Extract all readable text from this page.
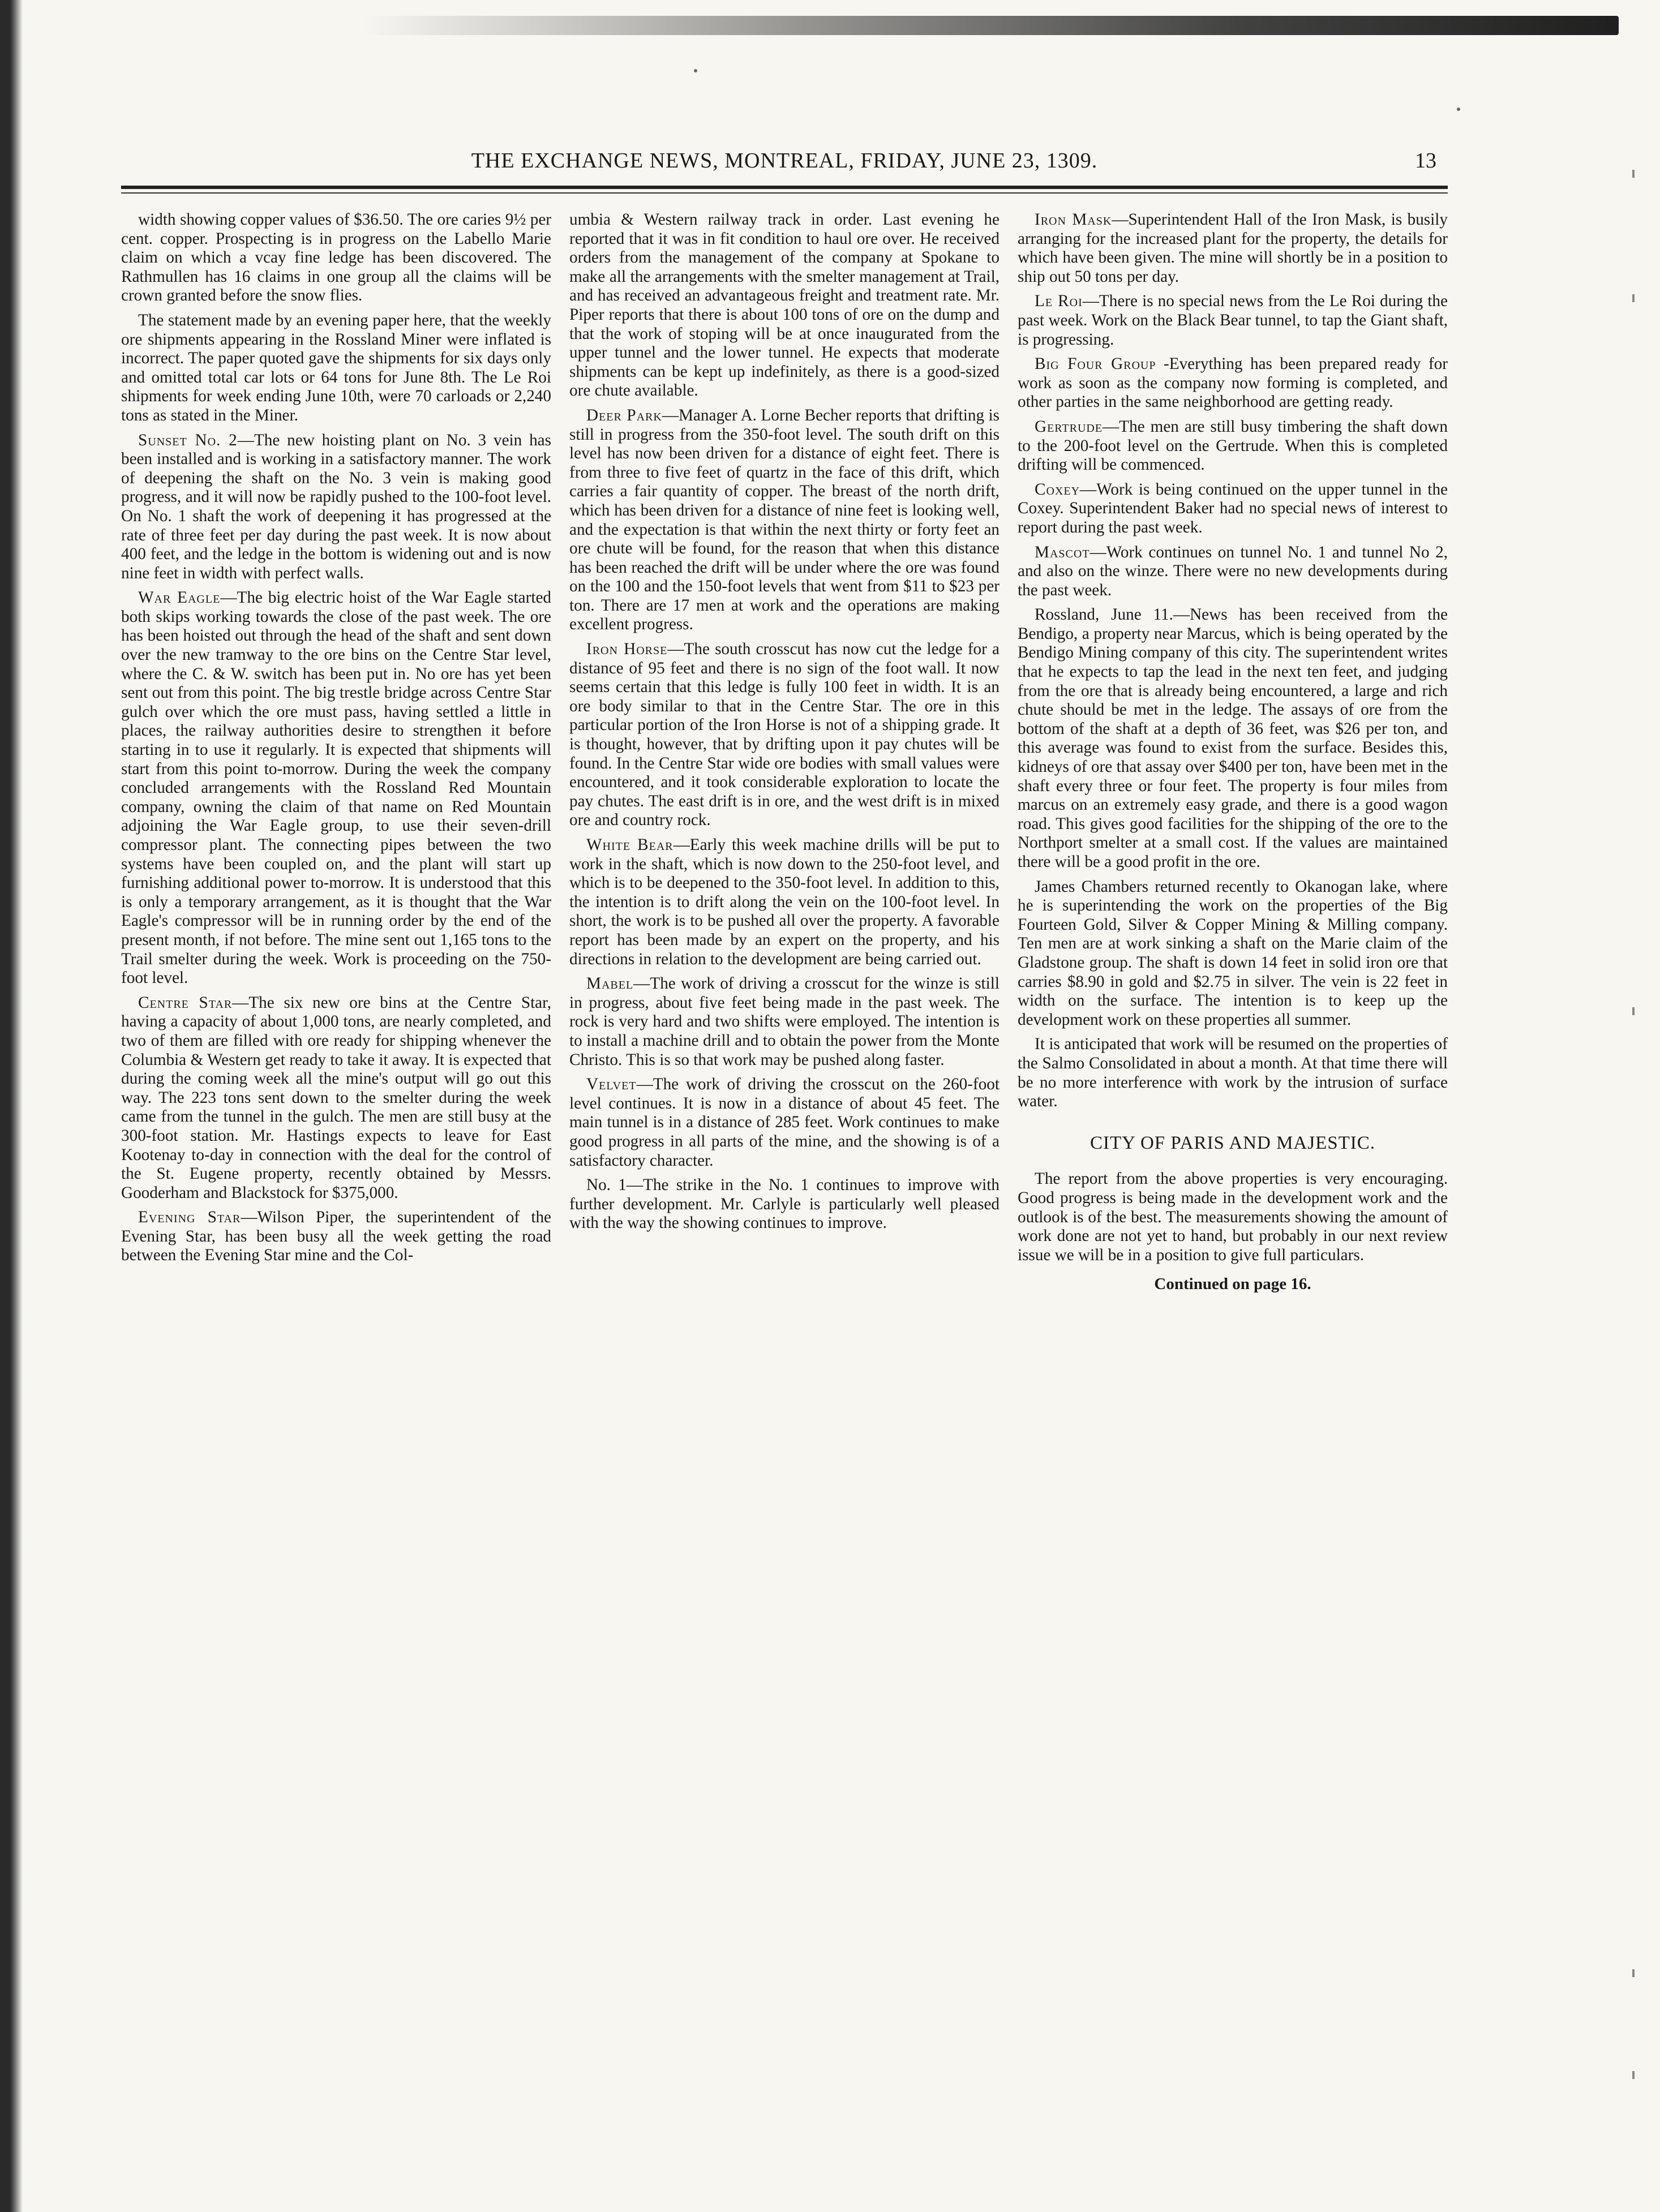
THE EXCHANGE NEWS, MONTREAL, FRIDAY, JUNE 23, 1309.	13

width showing copper values of $36.50. The ore caries 9½ per cent. copper. Prospecting is in progress on the Labello Marie claim on which a vcay fine ledge has been discovered. The Rathmullen has 16 claims in one group all the claims will be crown granted before the snow flies.

The statement made by an evening paper here, that the weekly ore shipments appearing in the Rossland Miner were inflated is incorrect. The paper quoted gave the shipments for six days only and omitted total car lots or 64 tons for June 8th. The Le Roi shipments for week ending June 10th, were 70 carloads or 2,240 tons as stated in the Miner.

Sunset No. 2—The new hoisting plant on No. 3 vein has been installed and is working in a satisfactory manner. The work of deepening the shaft on the No. 3 vein is making good progress, and it will now be rapidly pushed to the 100-foot level. On No. 1 shaft the work of deepening it has progressed at the rate of three feet per day during the past week. It is now about 400 feet, and the ledge in the bottom is widening out and is now nine feet in width with perfect walls.

War Eagle—The big electric hoist of the War Eagle started both skips working towards the close of the past week. The ore has been hoisted out through the head of the shaft and sent down over the new tramway to the ore bins on the Centre Star level, where the C. & W. switch has been put in. No ore has yet been sent out from this point. The big trestle bridge across Centre Star gulch over which the ore must pass, having settled a little in places, the railway authorities desire to strengthen it before starting in to use it regularly. It is expected that shipments will start from this point to-morrow. During the week the company concluded arrangements with the Rossland Red Mountain company, owning the claim of that name on Red Mountain adjoining the War Eagle group, to use their seven-drill compressor plant. The connecting pipes between the two systems have been coupled on, and the plant will start up furnishing additional power to-morrow. It is understood that this is only a temporary arrangement, as it is thought that the War Eagle's compressor will be in running order by the end of the present month, if not before. The mine sent out 1,165 tons to the Trail smelter during the week. Work is proceeding on the 750-foot level.

Centre Star—The six new ore bins at the Centre Star, having a capacity of about 1,000 tons, are nearly completed, and two of them are filled with ore ready for shipping whenever the Columbia & Western get ready to take it away. It is expected that during the coming week all the mine's output will go out this way. The 223 tons sent down to the smelter during the week came from the tunnel in the gulch. The men are still busy at the 300-foot station. Mr. Hastings expects to leave for East Kootenay to-day in connection with the deal for the control of the St. Eugene property, recently obtained by Messrs. Gooderham and Blackstock for $375,000.

Evening Star—Wilson Piper, the superintendent of the Evening Star, has been busy all the week getting the road between the Evening Star mine and the Col-

umbia & Western railway track in order. Last evening he reported that it was in fit condition to haul ore over. He received orders from the management of the company at Spokane to make all the arrangements with the smelter management at Trail, and has received an advantageous freight and treatment rate. Mr. Piper reports that there is about 100 tons of ore on the dump and that the work of stoping will be at once inaugurated from the upper tunnel and the lower tunnel. He expects that moderate shipments can be kept up indefinitely, as there is a good-sized ore chute available.

Deer Park—Manager A. Lorne Becher reports that drifting is still in progress from the 350-foot level. The south drift on this level has now been driven for a distance of eight feet. There is from three to five feet of quartz in the face of this drift, which carries a fair quantity of copper. The breast of the north drift, which has been driven for a distance of nine feet is looking well, and the expectation is that within the next thirty or forty feet an ore chute will be found, for the reason that when this distance has been reached the drift will be under where the ore was found on the 100 and the 150-foot levels that went from $11 to $23 per ton. There are 17 men at work and the operations are making excellent progress.

Iron Horse—The south crosscut has now cut the ledge for a distance of 95 feet and there is no sign of the foot wall. It now seems certain that this ledge is fully 100 feet in width. It is an ore body similar to that in the Centre Star. The ore in this particular portion of the Iron Horse is not of a shipping grade. It is thought, however, that by drifting upon it pay chutes will be found. In the Centre Star wide ore bodies with small values were encountered, and it took considerable exploration to locate the pay chutes. The east drift is in ore, and the west drift is in mixed ore and country rock.

White Bear—Early this week machine drills will be put to work in the shaft, which is now down to the 250-foot level, and which is to be deepened to the 350-foot level. In addition to this, the intention is to drift along the vein on the 100-foot level. In short, the work is to be pushed all over the property. A favorable report has been made by an expert on the property, and his directions in relation to the development are being carried out.

Mabel—The work of driving a crosscut for the winze is still in progress, about five feet being made in the past week. The rock is very hard and two shifts were employed. The intention is to install a machine drill and to obtain the power from the Monte Christo. This is so that work may be pushed along faster.

Velvet—The work of driving the crosscut on the 260-foot level continues. It is now in a distance of about 45 feet. The main tunnel is in a distance of 285 feet. Work continues to make good progress in all parts of the mine, and the showing is of a satisfactory character.

No. 1—The strike in the No. 1 continues to improve with further development. Mr. Carlyle is particularly well pleased with the way the showing continues to improve.

Iron Mask—Superintendent Hall of the Iron Mask, is busily arranging for the increased plant for the property, the details for which have been given. The mine will shortly be in a position to ship out 50 tons per day.

Le Roi—There is no special news from the Le Roi during the past week. Work on the Black Bear tunnel, to tap the Giant shaft, is progressing.

Big Four Group -Everything has been prepared ready for work as soon as the company now forming is completed, and other parties in the same neighborhood are getting ready.

Gertrude—The men are still busy timbering the shaft down to the 200-foot level on the Gertrude. When this is completed drifting will be commenced.

Coxey—Work is being continued on the upper tunnel in the Coxey. Superintendent Baker had no special news of interest to report during the past week.

Mascot—Work continues on tunnel No. 1 and tunnel No 2, and also on the winze. There were no new developments during the past week.

Rossland, June 11.—News has been received from the Bendigo, a property near Marcus, which is being operated by the Bendigo Mining company of this city. The superintendent writes that he expects to tap the lead in the next ten feet, and judging from the ore that is already being encountered, a large and rich chute should be met in the ledge. The assays of ore from the bottom of the shaft at a depth of 36 feet, was $26 per ton, and this average was found to exist from the surface. Besides this, kidneys of ore that assay over $400 per ton, have been met in the shaft every three or four feet. The property is four miles from marcus on an extremely easy grade, and there is a good wagon road. This gives good facilities for the shipping of the ore to the Northport smelter at a small cost. If the values are maintained there will be a good profit in the ore.

James Chambers returned recently to Okanogan lake, where he is superintending the work on the properties of the Big Fourteen Gold, Silver & Copper Mining & Milling company. Ten men are at work sinking a shaft on the Marie claim of the Gladstone group. The shaft is down 14 feet in solid iron ore that carries $8.90 in gold and $2.75 in silver. The vein is 22 feet in width on the surface. The intention is to keep up the development work on these properties all summer.

It is anticipated that work will be resumed on the properties of the Salmo Consolidated in about a month. At that time there will be no more interference with work by the intrusion of surface water.

CITY OF PARIS AND MAJESTIC.

The report from the above properties is very encouraging. Good progress is being made in the development work and the outlook is of the best. The measurements showing the amount of work done are not yet to hand, but probably in our next review issue we will be in a position to give full particulars.

Continued on page 16.
